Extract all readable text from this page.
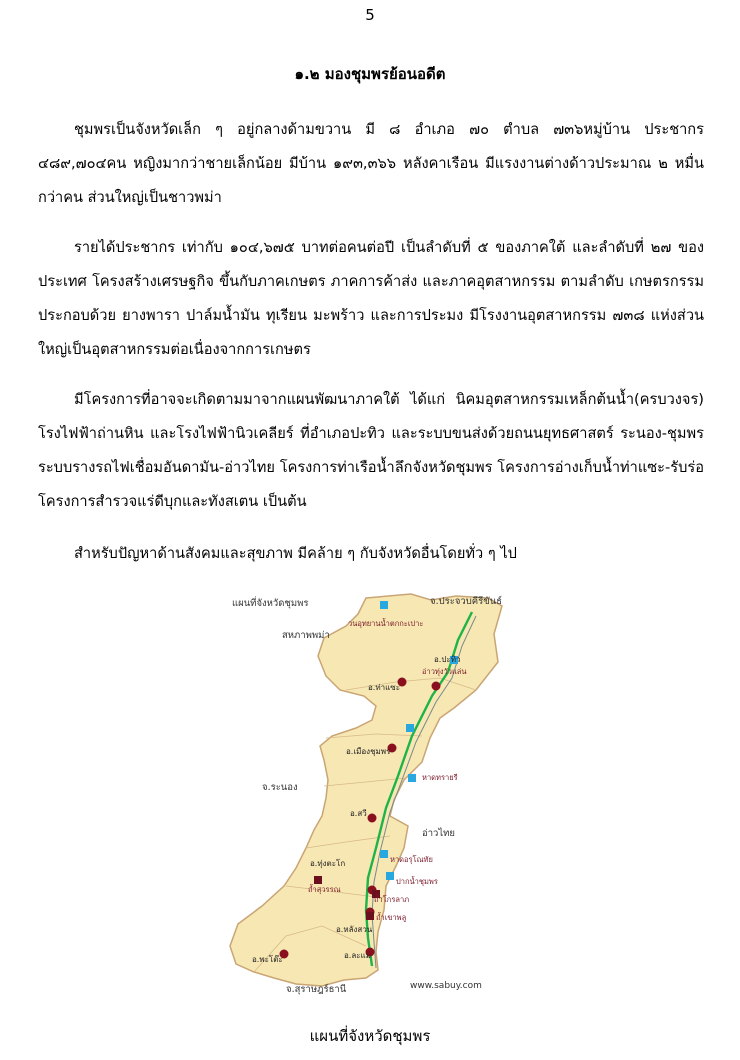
5
๑.๒ มองชุมพรย้อนอดีต

ชุมพรเป็นจังหวัดเล็ก ๆ อยู่กลางด้ามขวาน มี ๘ อำเภอ ๗๐ ตำบล ๗๓๖หมู่บ้าน ประชากร ๔๘๙,๗๐๔คน หญิงมากว่าชายเล็กน้อย มีบ้าน ๑๙๓,๓๖๖ หลังคาเรือน มีแรงงานต่างด้าวประมาณ ๒ หมื่นกว่าคน ส่วนใหญ่เป็นชาวพม่า

รายได้ประชากร เท่ากับ ๑๐๔,๖๗๕ บาทต่อคนต่อปี เป็นลำดับที่ ๕ ของภาคใต้ และลำดับที่ ๒๗ ของประเทศ โครงสร้างเศรษฐกิจ ขึ้นกับภาคเกษตร ภาคการค้าส่ง และภาคอุตสาหกรรม ตามลำดับ เกษตรกรรม ประกอบด้วย ยางพารา ปาล์มน้ำมัน ทุเรียน มะพร้าว และการประมง มีโรงงานอุตสาหกรรม ๗๓๘ แห่งส่วนใหญ่เป็นอุตสาหกรรมต่อเนื่องจากการเกษตร

มีโครงการที่อาจจะเกิดตามมาจากแผนพัฒนาภาคใต้ ได้แก่ นิคมอุตสาหกรรมเหล็กต้นน้ำ(ครบวงจร) โรงไฟฟ้าถ่านหิน และโรงไฟฟ้านิวเคลียร์ ที่อำเภอปะทิว และระบบขนส่งด้วยถนนยุทธศาสตร์ ระนอง-ชุมพร ระบบรางรถไฟเชื่อมอันดามัน-อ่าวไทย โครงการท่าเรือน้ำลึกจังหวัดชุมพร โครงการอ่างเก็บน้ำท่าแซะ-รับร่อ โครงการสำรวจแร่ดีบุกและทังสเตน เป็นต้น

สำหรับปัญหาด้านสังคมและสุขภาพ มีคล้าย ๆ กับจังหวัดอื่นโดยทั่ว ๆ ไป

แผนที่จังหวัดชุมพร	จ.ประจวบคีรีขันธ์
สหภาพพม่า
จ.ระนอง
อ่าวไทย
จ.สุราษฎร์ธานี
อ.ปะทิว
อ.ท่าแซะ
อ.เมืองชุมพร
อ.สวี
อ.ทุ่งตะโก
อ.หลังสวน
อ.ละแม
อ.พะโต๊ะ
วนอุทยานน้ำตกกะเปาะ
อ่าวทุ่งวัวแล่น
หาดทรายรี
หาดอรุโณทัย
ปากน้ำชุมพร
ถ้ำสุวรรณ
ถ้ำโกรลาภ
ถ้ำเขาพลู
www.sabuy.com
แผนที่จังหวัดชุมพร
